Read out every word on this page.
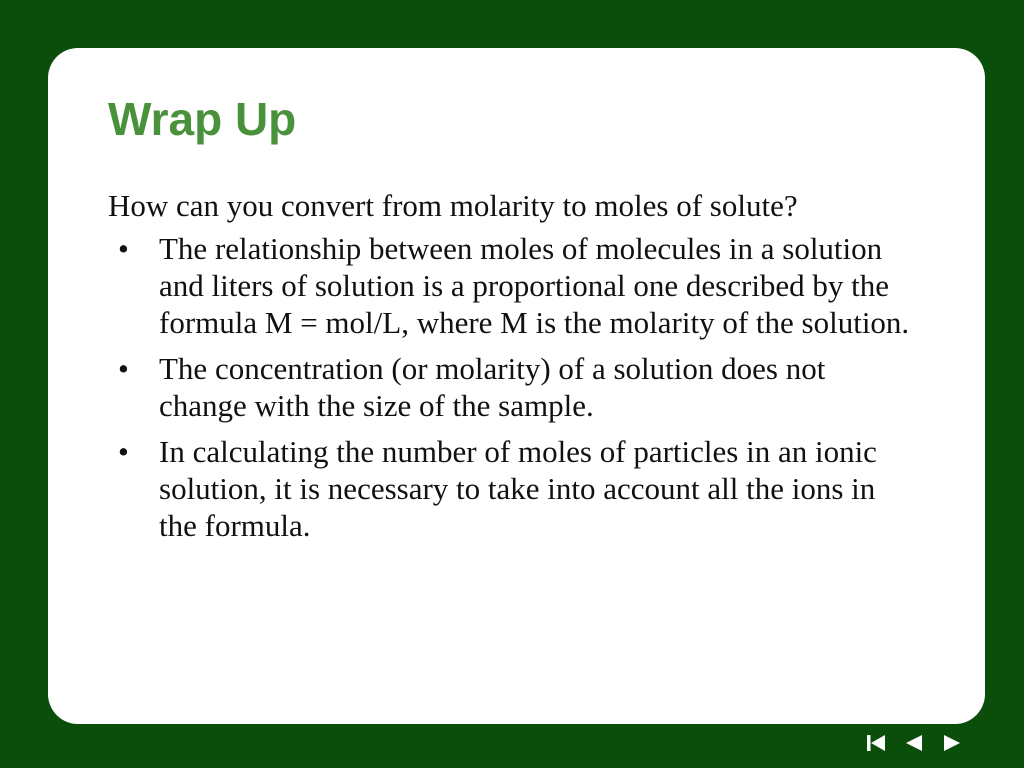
Wrap Up

How can you convert from molarity to moles of solute?

• The relationship between moles of molecules in a solution and liters of solution is a proportional one described by the formula M = mol/L, where M is the molarity of the solution.
• The concentration (or molarity) of a solution does not change with the size of the sample.
• In calculating the number of moles of particles in an ionic solution, it is necessary to take into account all the ions in the formula.
